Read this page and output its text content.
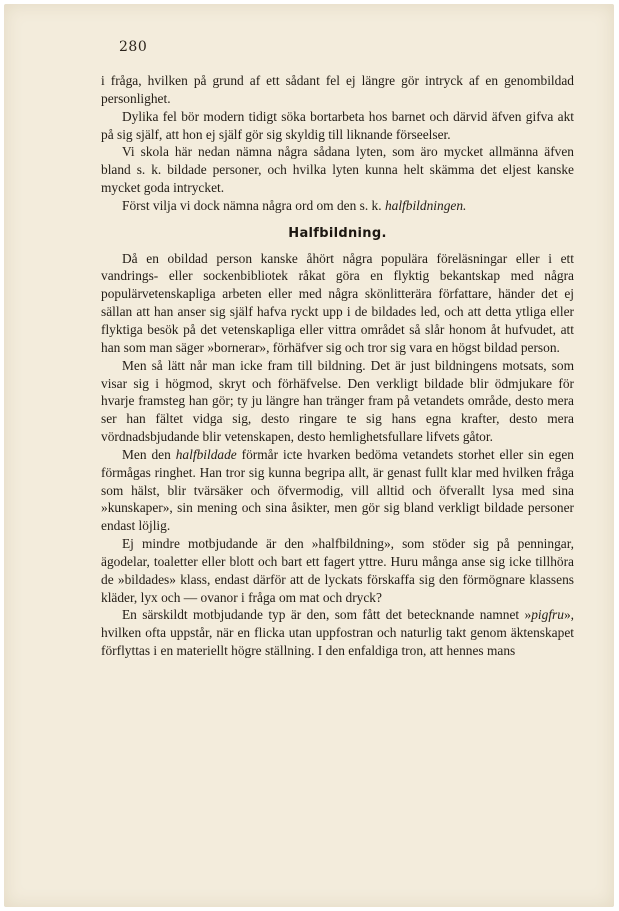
280

i fråga, hvilken på grund af ett sådant fel ej längre gör intryck af en genombildad personlighet.

Dylika fel bör modern tidigt söka bortarbeta hos barnet och därvid äfven gifva akt på sig själf, att hon ej själf gör sig skyldig till liknande förseelser.

Vi skola här nedan nämna några sådana lyten, som äro mycket allmänna äfven bland s. k. bildade personer, och hvilka lyten kunna helt skämma det eljest kanske mycket goda intrycket.

Först vilja vi dock nämna några ord om den s. k. halfbildningen.

Halfbildning.

Då en obildad person kanske åhört några populära föreläsningar eller i ett vandrings- eller sockenbibliotek råkat göra en flyktig bekantskap med några populärvetenskapliga arbeten eller med några skönlitterära författare, händer det ej sällan att han anser sig själf hafva ryckt upp i de bildades led, och att detta ytliga eller flyktiga besök på det vetenskapliga eller vittra området så slår honom åt hufvudet, att han som man säger »bornerar», förhäfver sig och tror sig vara en högst bildad person.

Men så lätt når man icke fram till bildning. Det är just bildningens motsats, som visar sig i högmod, skryt och förhäfvelse. Den verkligt bildade blir ödmjukare för hvarje framsteg han gör; ty ju längre han tränger fram på vetandets område, desto mera ser han fältet vidga sig, desto ringare te sig hans egna krafter, desto mera vördnadsbjudande blir vetenskapen, desto hemlighetsfullare lifvets gåtor.

Men den halfbildade förmår icte hvarken bedöma vetandets storhet eller sin egen förmågas ringhet. Han tror sig kunna begripa allt, är genast fullt klar med hvilken fråga som hälst, blir tvärsäker och öfvermodig, vill alltid och öfverallt lysa med sina »kunskaper», sin mening och sina åsikter, men gör sig bland verkligt bildade personer endast löjlig.

Ej mindre motbjudande är den »halfbildning», som stöder sig på penningar, ägodelar, toaletter eller blott och bart ett fagert yttre. Huru många anse sig icke tillhöra de »bildades» klass, endast därför att de lyckats förskaffa sig den förmögnare klassens kläder, lyx och — ovanor i fråga om mat och dryck?

En särskildt motbjudande typ är den, som fått det betecknande namnet »pigfru», hvilken ofta uppstår, när en flicka utan uppfostran och naturlig takt genom äktenskapet förflyttas i en materiellt högre ställning. I den enfaldiga tron, att hennes mans
